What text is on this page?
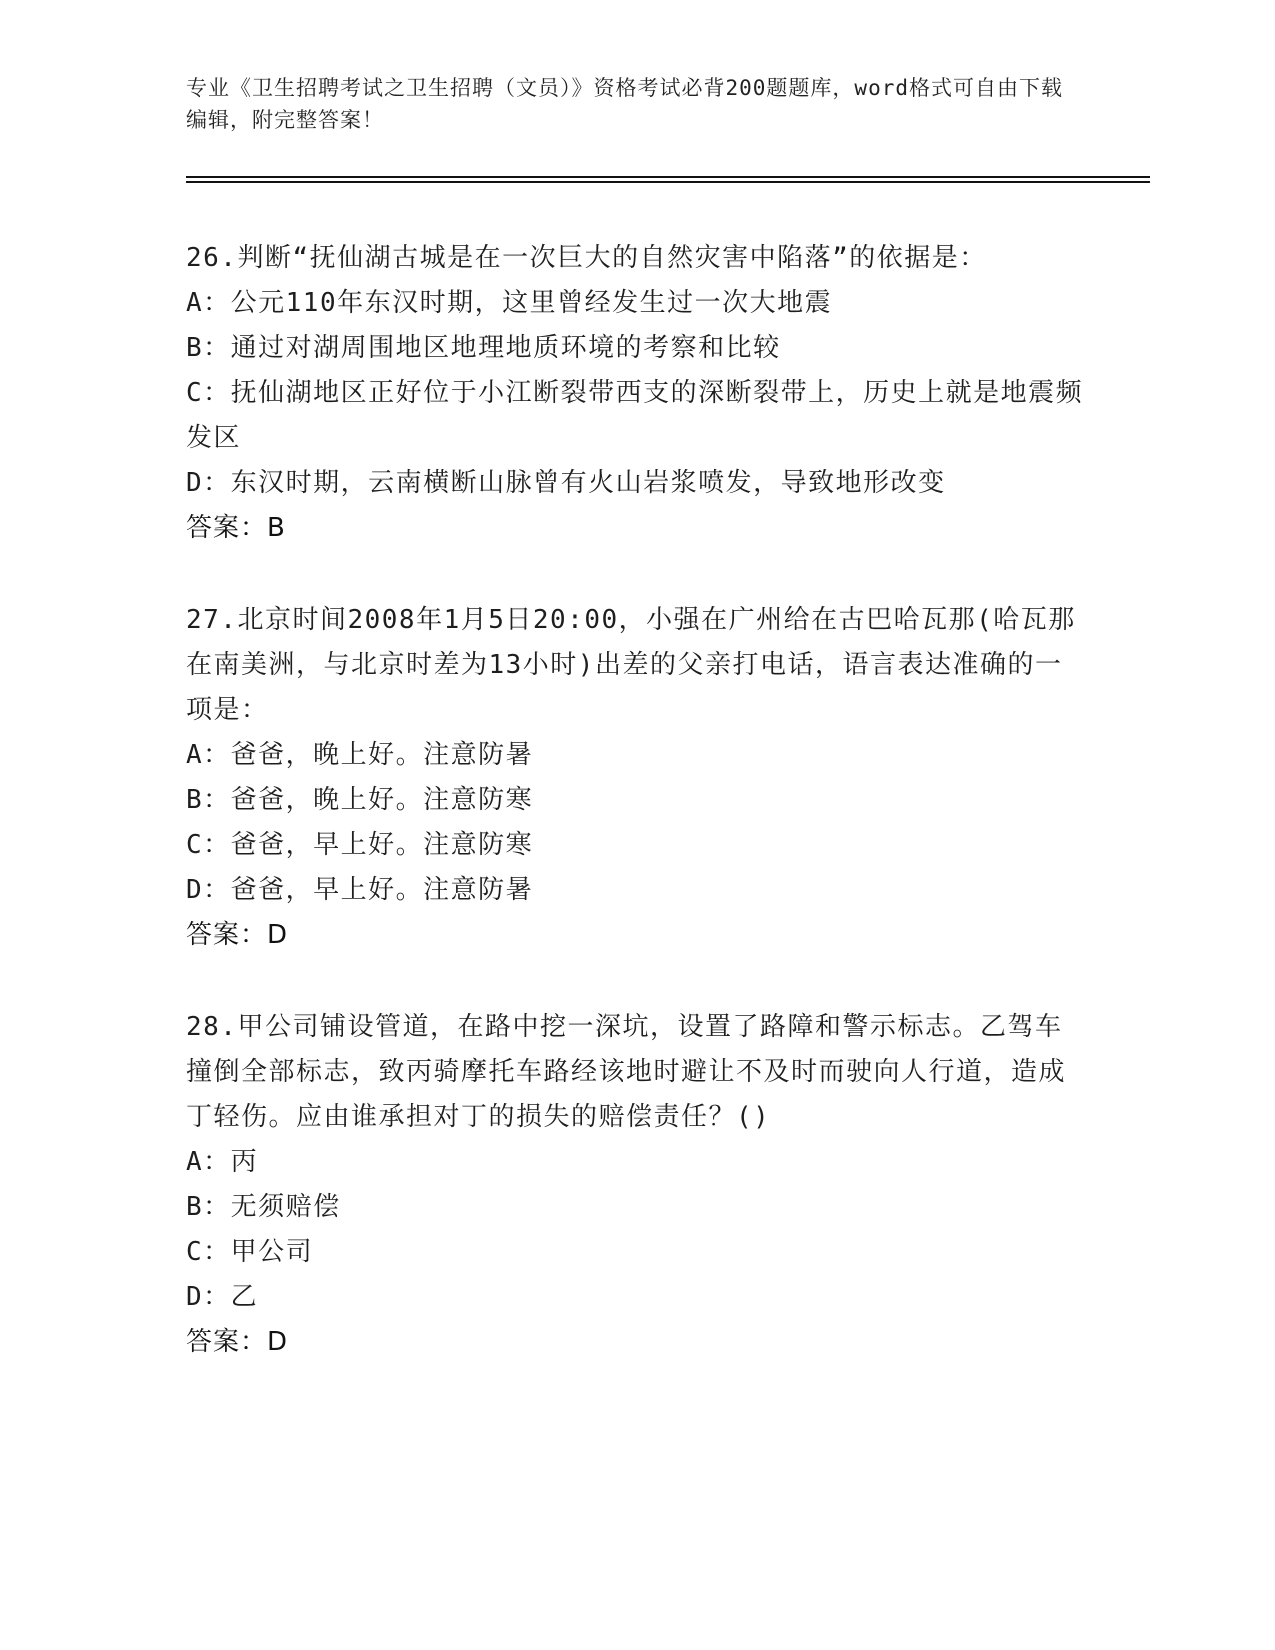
专业《卫生招聘考试之卫生招聘（文员）》资格考试必背200题题库，word格式可自由下载编辑，附完整答案！

26.判断“抚仙湖古城是在一次巨大的自然灾害中陷落”的依据是：

A：公元110年东汉时期，这里曾经发生过一次大地震

B：通过对湖周围地区地理地质环境的考察和比较

C：抚仙湖地区正好位于小江断裂带西支的深断裂带上，历史上就是地震频发区

D：东汉时期，云南横断山脉曾有火山岩浆喷发，导致地形改变

答案：B

27.北京时间2008年1月5日20:00，小强在广州给在古巴哈瓦那(哈瓦那在南美洲，与北京时差为13小时)出差的父亲打电话，语言表达准确的一项是：

A：爸爸，晚上好。注意防暑

B：爸爸，晚上好。注意防寒

C：爸爸，早上好。注意防寒

D：爸爸，早上好。注意防暑

答案：D

28.甲公司铺设管道，在路中挖一深坑，设置了路障和警示标志。乙驾车撞倒全部标志，致丙骑摩托车路经该地时避让不及时而驶向人行道，造成丁轻伤。应由谁承担对丁的损失的赔偿责任？()

A：丙

B：无须赔偿

C：甲公司

D：乙

答案：D
